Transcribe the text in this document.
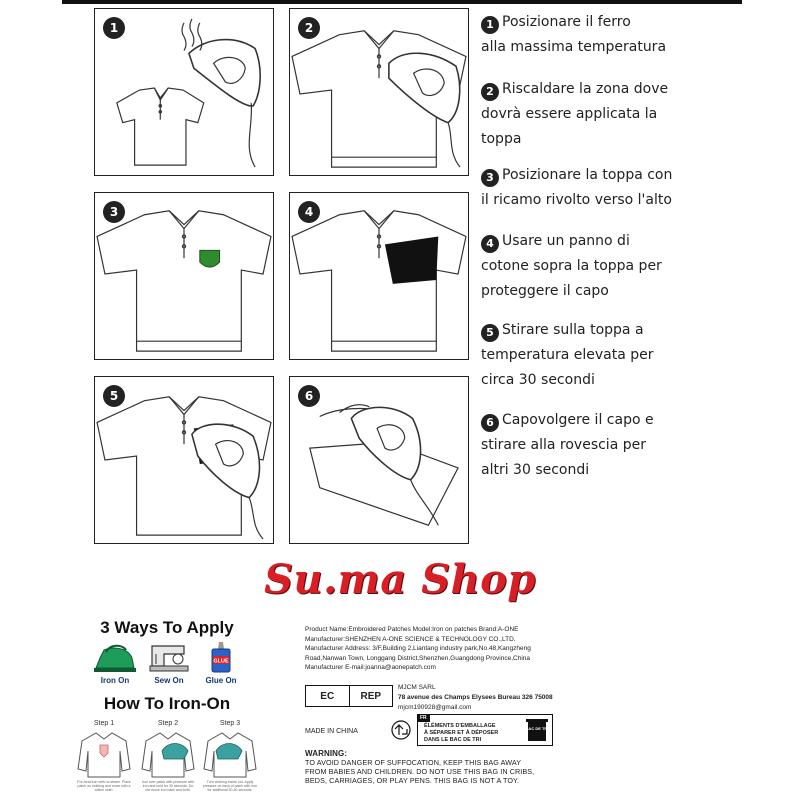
1	2
3	4
5	6
1 Posizionare il ferro
alla massima temperatura
2 Riscaldare la zona dove
dovrà essere applicata la
toppa
3 Posizionare la toppa con
il ricamo rivolto verso l'alto
4 Usare un panno di
cotone sopra la toppa per
proteggere il capo
5 Stirare sulla toppa a
temperatura elevata per
circa 30 secondi
6 Capovolgere il capo e
stirare alla rovescia per
altri 30 secondi
Su.ma Shop
3 Ways To Apply
How To Iron-On
Iron On	Sew On
GLUE
Glue On
Step 1
Pre-heat iron with no steam. Place patch on clothing and cover with a cotton cloth.
Step 2
Iron over patch with pressure with iron and hold for 30 seconds. Do not move iron back and forth.
Step 3
Turn clothing inside out. Apply pressure on back of patch with iron for additional 30-40 seconds.
Product Name:Embroidered Patches Model:Iron on patches Brand:A-ONE
Manufacturer:SHENZHEN A-ONE SCIENCE & TECHNOLOGY CO.,LTD.
Manufacturer Address: 3/F,Building 2,Liantang industry park,No.48,Kangzheng
Road,Nanwan Town, Longgang District,Shenzhen,Guangdong Province,China
Manufacturer E-mail:joanna@aonepatch.com
EC	REP
MJCM SARL
78 avenue des Champs Elysees Bureau 326 75008
mjcm190928@gmail.com
MADE IN CHINA
FR
ÉLÉMENTS D'EMBALLAGE
À SÉPARER ET À DÉPOSER
DANS LE BAC DE TRI
BAC DE TRI
WARNING:
TO AVOID DANGER OF SUFFOCATION, KEEP THIS BAG AWAY
FROM BABIES AND CHILDREN. DO NOT USE THIS BAG IN CRIBS,
BEDS, CARRIAGES, OR PLAY PENS. THIS BAG IS NOT A TOY.
